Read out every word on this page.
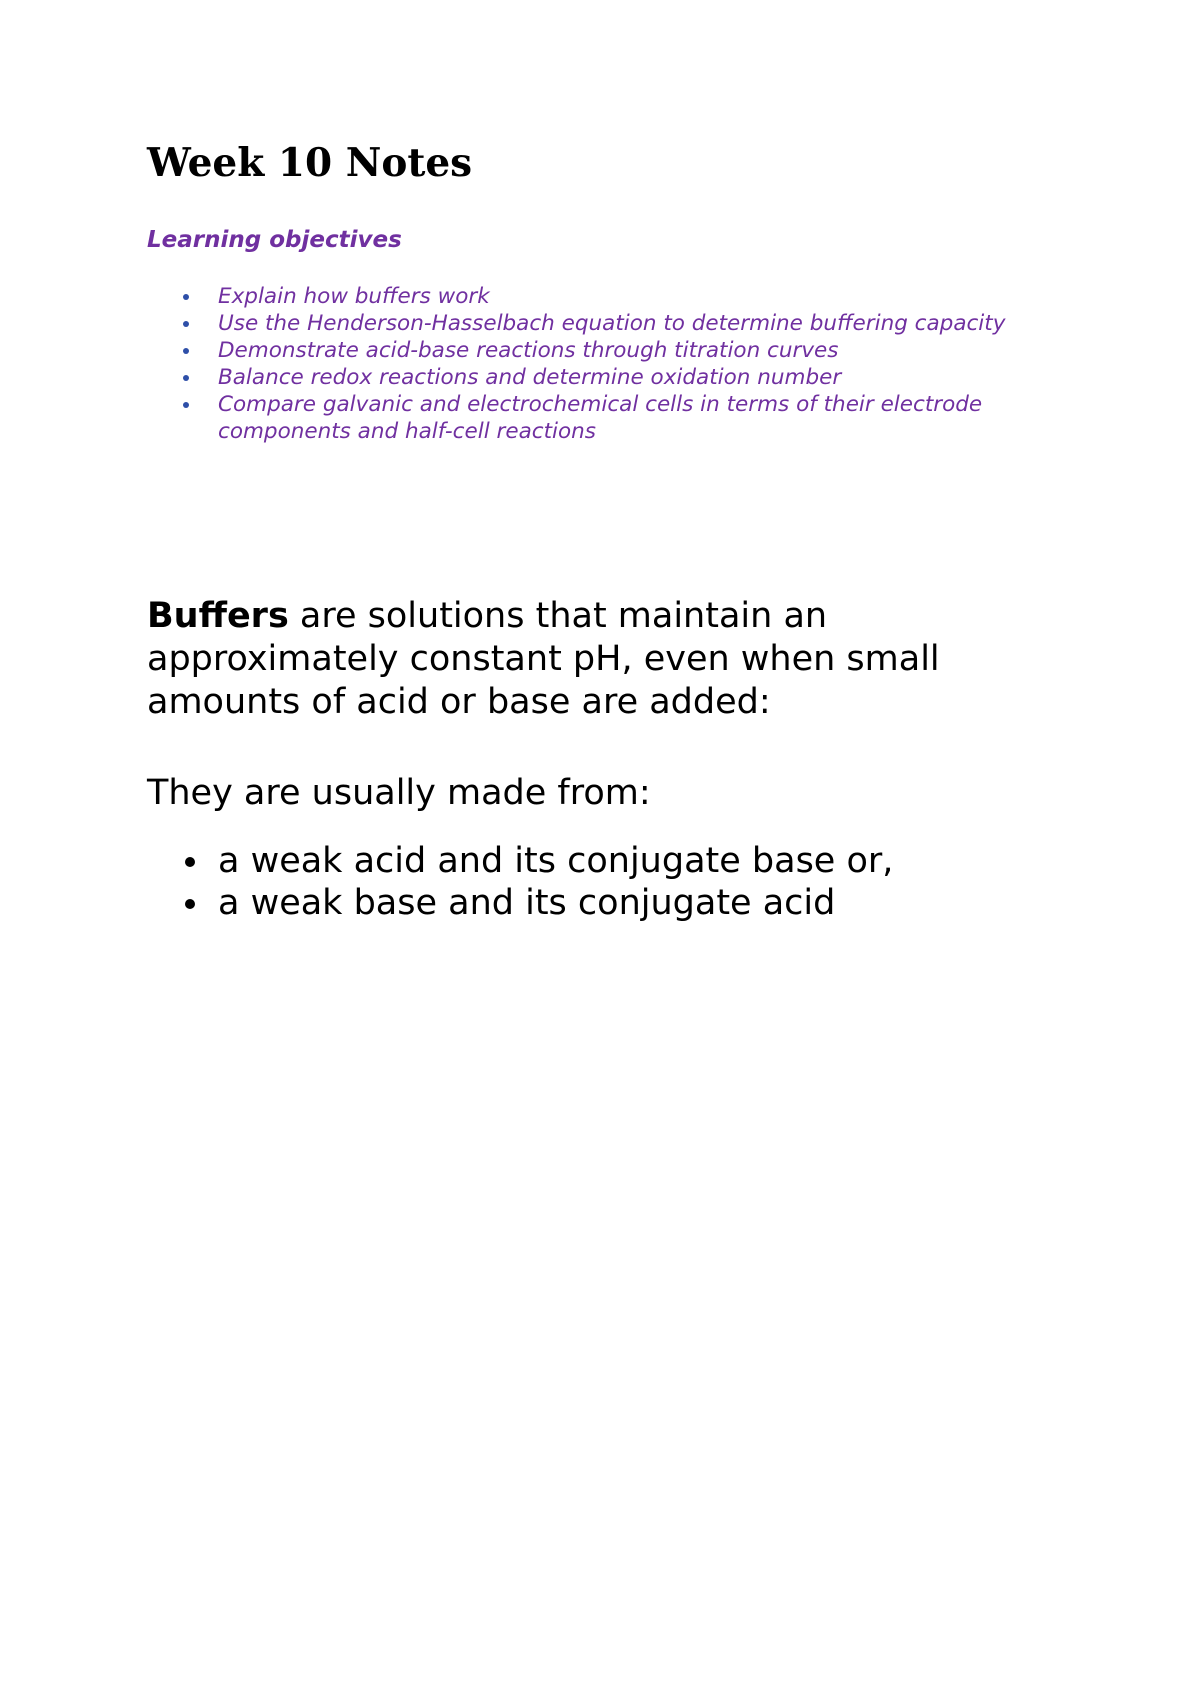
Week 10 Notes
Learning objectives
Explain how buffers work
Use the Henderson-Hasselbach equation to determine buffering capacity
Demonstrate acid-base reactions through titration curves
Balance redox reactions and determine oxidation number
Compare galvanic and electrochemical cells in terms of their electrode components and half-cell reactions

Buffers are solutions that maintain an approximately constant pH, even when small amounts of acid or base are added:

They are usually made from:

a weak acid and its conjugate base or,
a weak base and its conjugate acid
